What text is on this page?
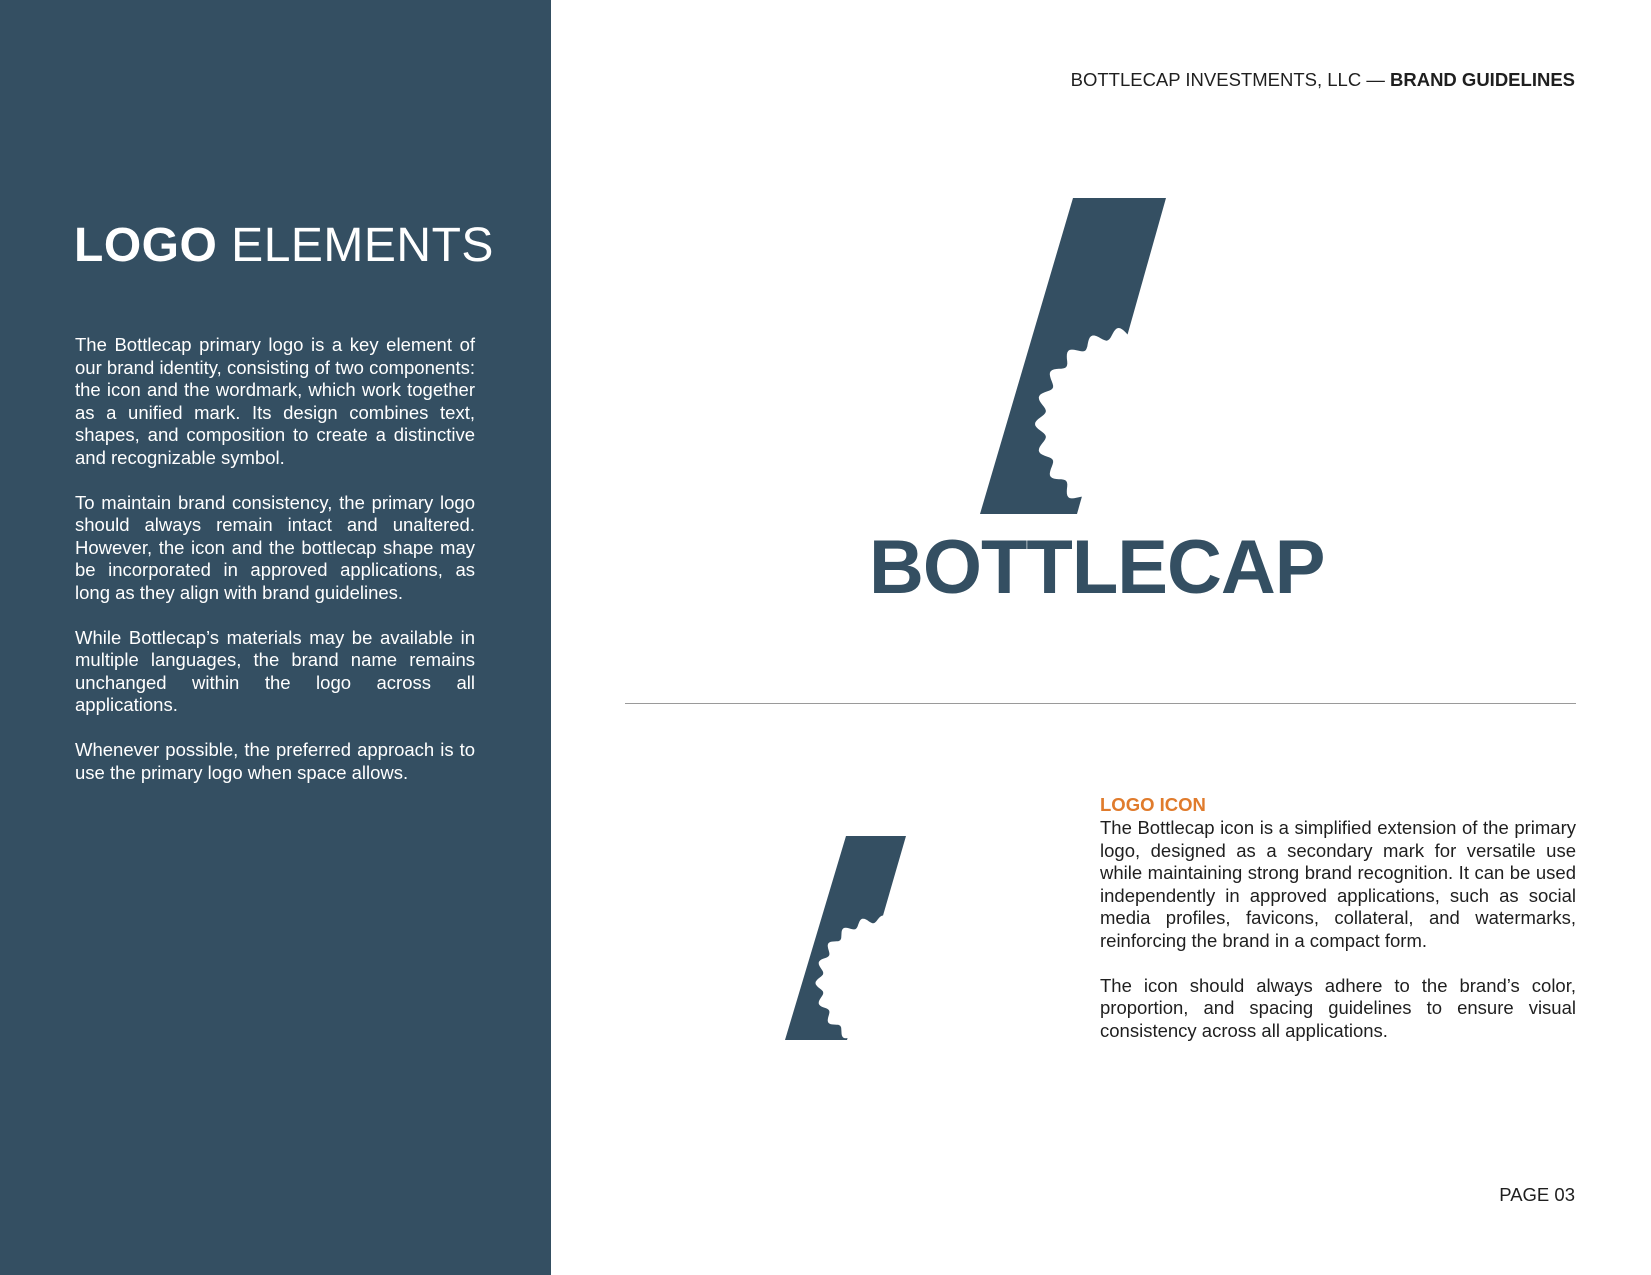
LOGO ELEMENTS

The Bottlecap primary logo is a key element of our brand identity, consisting of two components: the icon and the wordmark, which work together as a unified mark. Its design combines text, shapes, and composition to create a distinctive and recognizable symbol.

To maintain brand consistency, the primary logo should always remain intact and unaltered. However, the icon and the bottlecap shape may be incorporated in approved applications, as long as they align with brand guidelines.

While Bottlecap’s materials may be available in multiple languages, the brand name remains unchanged within the logo across all applications.

Whenever possible, the preferred approach is to use the primary logo when space allows.

BOTTLECAP INVESTMENTS, LLC — BRAND GUIDELINES
BOTTLECAP
LOGO ICON

The Bottlecap icon is a simplified extension of the primary logo, designed as a secondary mark for versatile use while maintaining strong brand recognition. It can be used independently in approved applications, such as social media profiles, favicons, collateral, and watermarks, reinforcing the brand in a compact form.

The icon should always adhere to the brand’s color, proportion, and spacing guidelines to ensure visual consistency across all applications.

PAGE 03
